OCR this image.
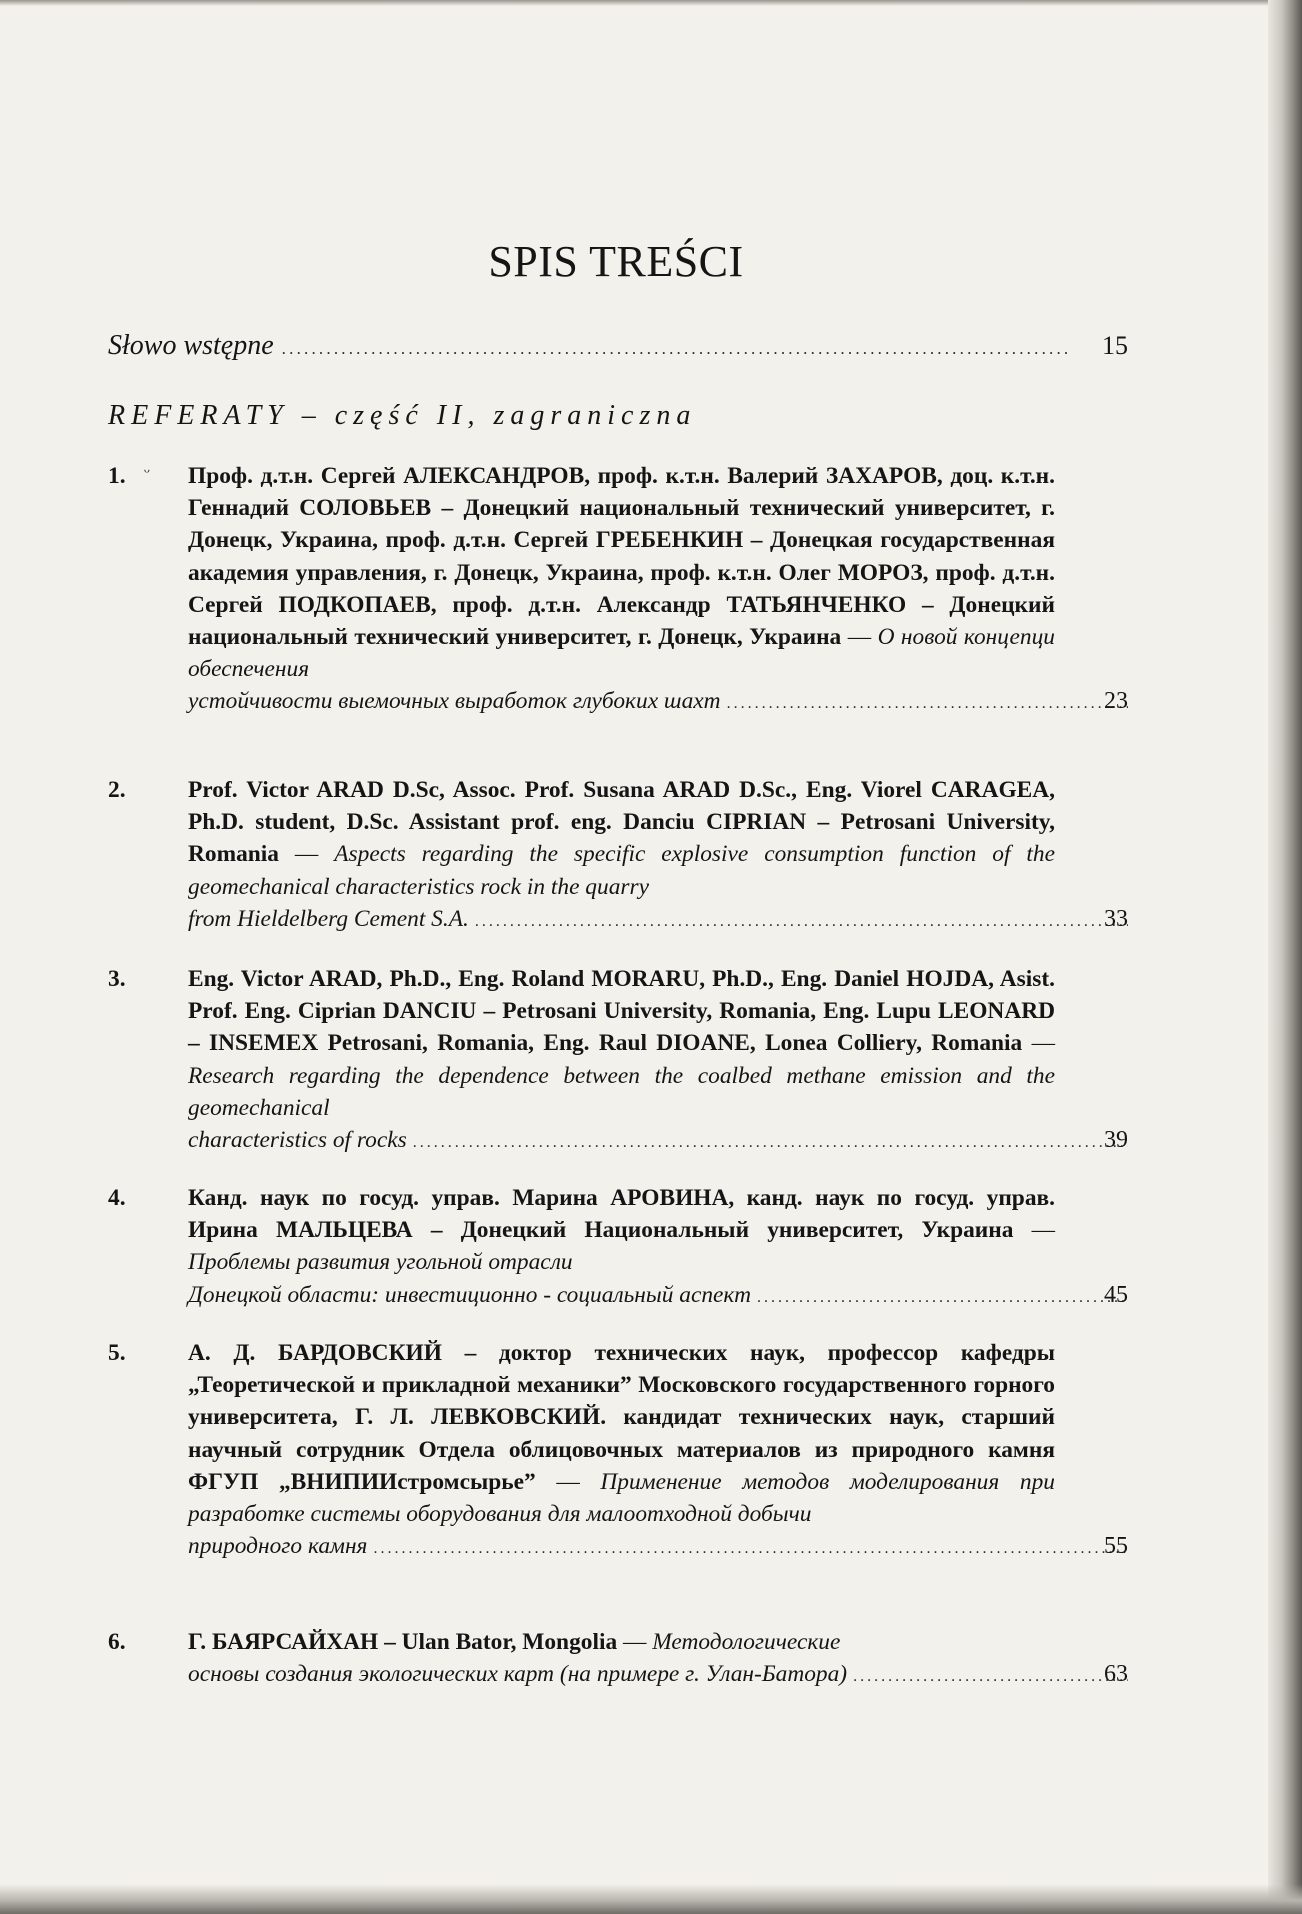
SPIS TREŚCI
Słowo wstępne .....	15
REFERATY – część II, zagraniczna
1. ᵕ Проф. д.т.н. Сергей АЛЕКСАНДРОВ, проф. к.т.н. Валерий ЗАХАРОВ, доц. к.т.н. Геннадий СОЛОВЬЕВ – Донецкий национальный технический университет, г. Донецк, Украина, проф. д.т.н. Сергей ГРЕБЕНКИН – Донецкая государственная академия управления, г. Донецк, Украина, проф. к.т.н. Олег МОРОЗ, проф. д.т.н. Сергей ПОДКОПАЕВ, проф. д.т.н. Александр ТАТЬЯНЧЕНКО – Донецкий национальный технический университет, г. Донецк, Украина — О новой концепци обеспечения
устойчивости выемочных выработок глубоких шахт .....	23
2.	Prof. Victor ARAD D.Sc, Assoc. Prof. Susana ARAD D.Sc., Eng. Viorel CARAGEA, Ph.D. student, D.Sc. Assistant prof. eng. Danciu CIPRIAN – Petrosani University, Romania — Aspects regarding the specific explosive consumption function of the geomechanical characteristics rock in the quarry
from Hieldelberg Cement S.A. .....	33
3.	Eng. Victor ARAD, Ph.D., Eng. Roland MORARU, Ph.D., Eng. Daniel HOJDA, Asist. Prof. Eng. Ciprian DANCIU – Petrosani University, Romania, Eng. Lupu LEONARD – INSEMEX Petrosani, Romania, Eng. Raul DIOANE, Lonea Colliery, Romania — Research regarding the dependence between the coalbed methane emission and the geomechanical
characteristics of rocks .....	39
4.	Канд. наук по госуд. управ. Марина АРОВИНА, канд. наук по госуд. управ. Ирина МАЛЬЦЕВА – Донецкий Национальный университет, Украина — Проблемы развития угольной отрасли
Донецкой области: инвестиционно - социальный аспект .....	45
5.	А. Д. БАРДОВСКИЙ – доктор технических наук, профессор кафедры „Теоретической и прикладной механики” Московского государственного горного университета, Г. Л. ЛЕВКОВСКИЙ. кандидат технических наук, старший научный сотрудник Отдела облицовочных материалов из природного камня ФГУП „ВНИПИИстромсырье” — Применение методов моделирования при разработке системы оборудования для малоотходной добычи
природного камня .....	55
6.	Г. БАЯРСАЙХАН – Ulan Bator, Mongolia — Методологические
основы создания экологических карт (на примере г. Улан-Батора) .....	63
